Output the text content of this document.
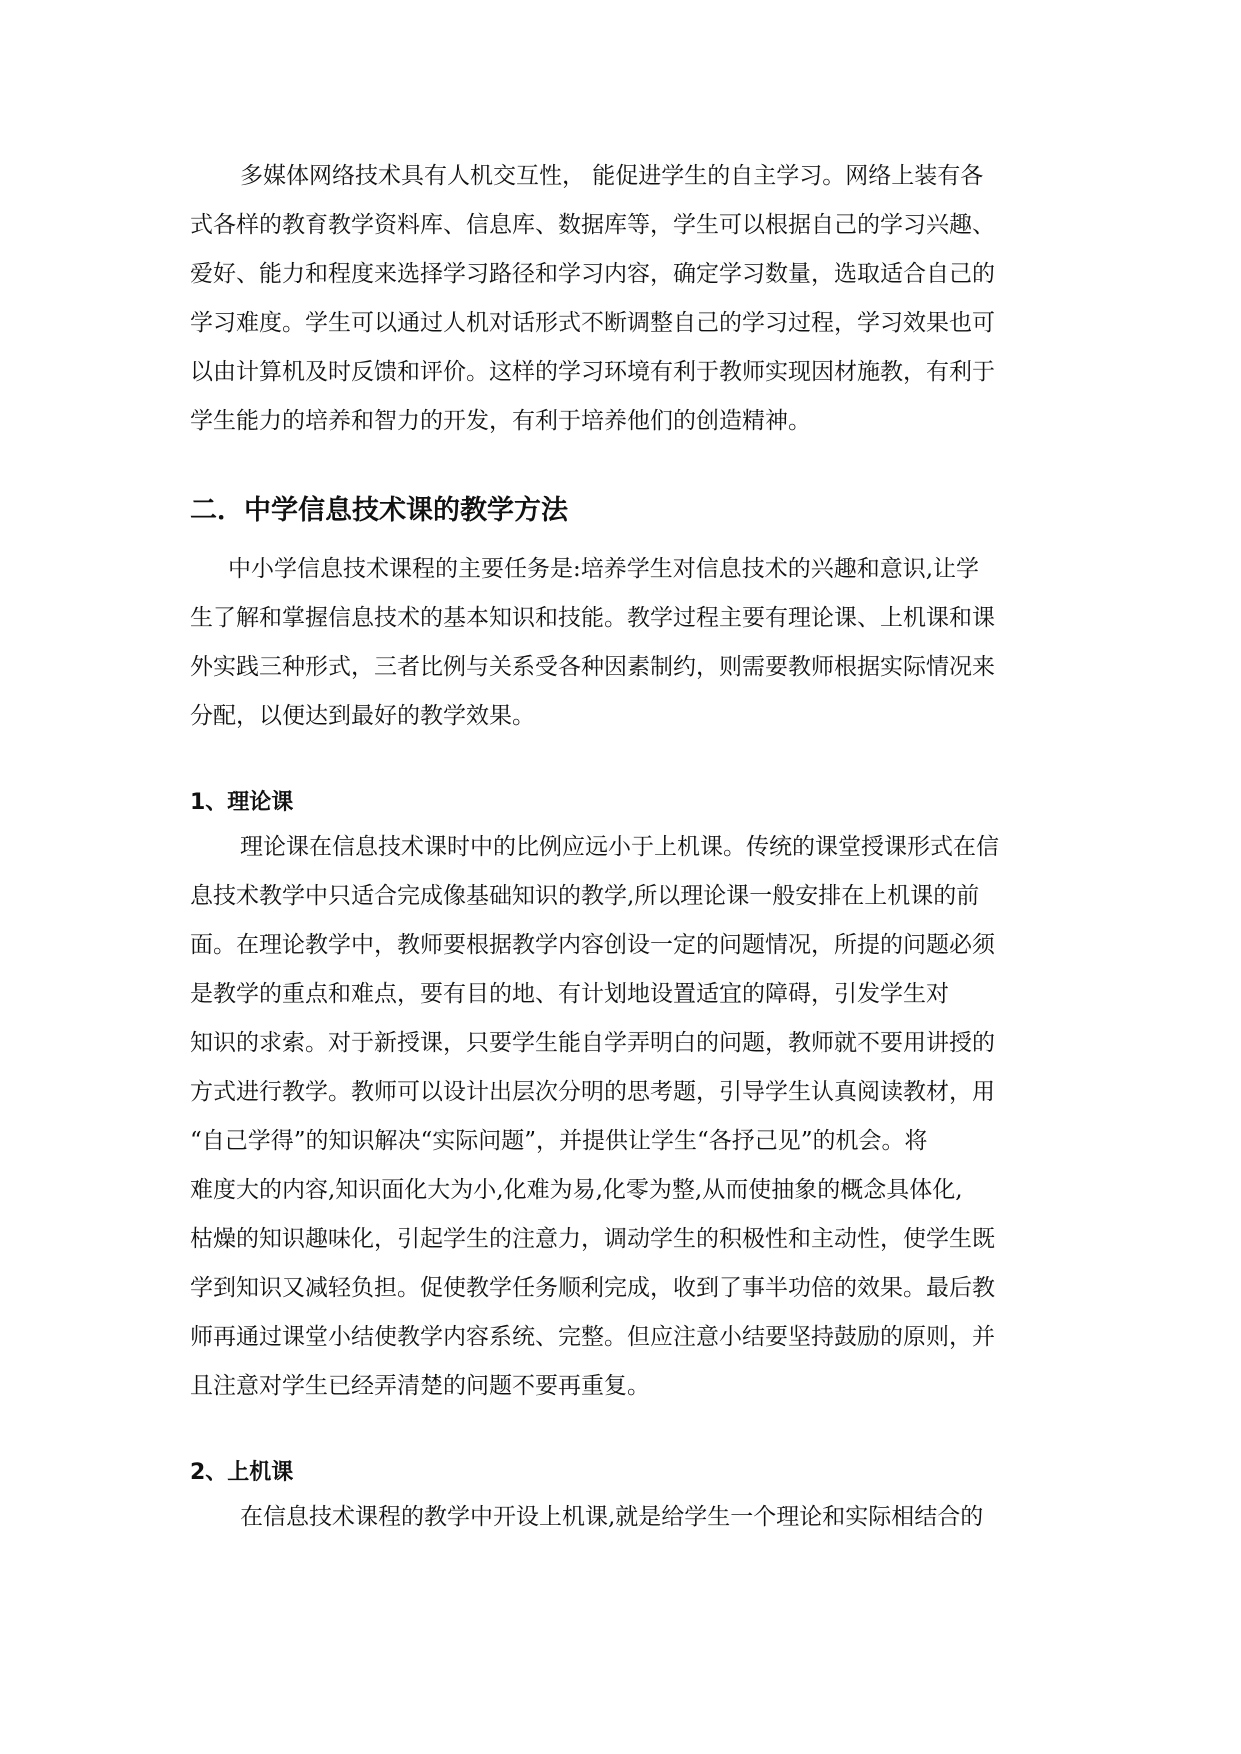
多媒体网络技术具有人机交互性， 能促进学生的自主学习。网络上装有各
式各样的教育教学资料库、信息库、数据库等，学生可以根据自己的学习兴趣、
爱好、能力和程度来选择学习路径和学习内容，确定学习数量，选取适合自己的
学习难度。学生可以通过人机对话形式不断调整自己的学习过程，学习效果也可
以由计算机及时反馈和评价。这样的学习环境有利于教师实现因材施教，有利于
学生能力的培养和智力的开发，有利于培养他们的创造精神。

二．中学信息技术课的教学方法

中小学信息技术课程的主要任务是:培养学生对信息技术的兴趣和意识,让学
生了解和掌握信息技术的基本知识和技能。教学过程主要有理论课、上机课和课
外实践三种形式，三者比例与关系受各种因素制约，则需要教师根据实际情况来
分配，以便达到最好的教学效果。

1、理论课

理论课在信息技术课时中的比例应远小于上机课。传统的课堂授课形式在信
息技术教学中只适合完成像基础知识的教学,所以理论课一般安排在上机课的前
面。在理论教学中，教师要根据教学内容创设一定的问题情况，所提的问题必须
是教学的重点和难点，要有目的地、有计划地设置适宜的障碍，引发学生对
知识的求索。对于新授课，只要学生能自学弄明白的问题，教师就不要用讲授的
方式进行教学。教师可以设计出层次分明的思考题，引导学生认真阅读教材，用
“自己学得”的知识解决“实际问题”，并提供让学生“各抒己见”的机会。将
难度大的内容,知识面化大为小,化难为易,化零为整,从而使抽象的概念具体化,
枯燥的知识趣味化，引起学生的注意力，调动学生的积极性和主动性，使学生既
学到知识又减轻负担。促使教学任务顺利完成，收到了事半功倍的效果。最后教
师再通过课堂小结使教学内容系统、完整。但应注意小结要坚持鼓励的原则，并
且注意对学生已经弄清楚的问题不要再重复。

2、上机课

在信息技术课程的教学中开设上机课,就是给学生一个理论和实际相结合的
